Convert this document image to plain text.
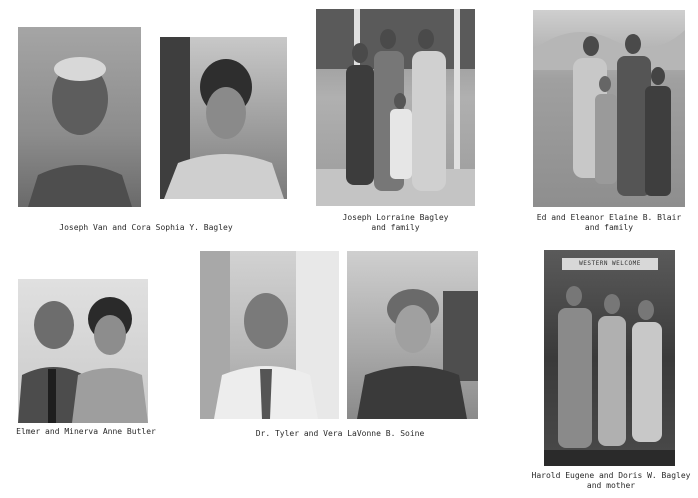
Joseph Van and Cora Sophia Y. Bagley
Joseph Lorraine Bagley
and family
Ed and Eleanor Elaine B. Blair
and family
Elmer and Minerva Anne Butler	Dr. Tyler and Vera LaVonne B. Soine
WESTERN WELCOME
Harold Eugene and Doris W. Bagley
and mother
